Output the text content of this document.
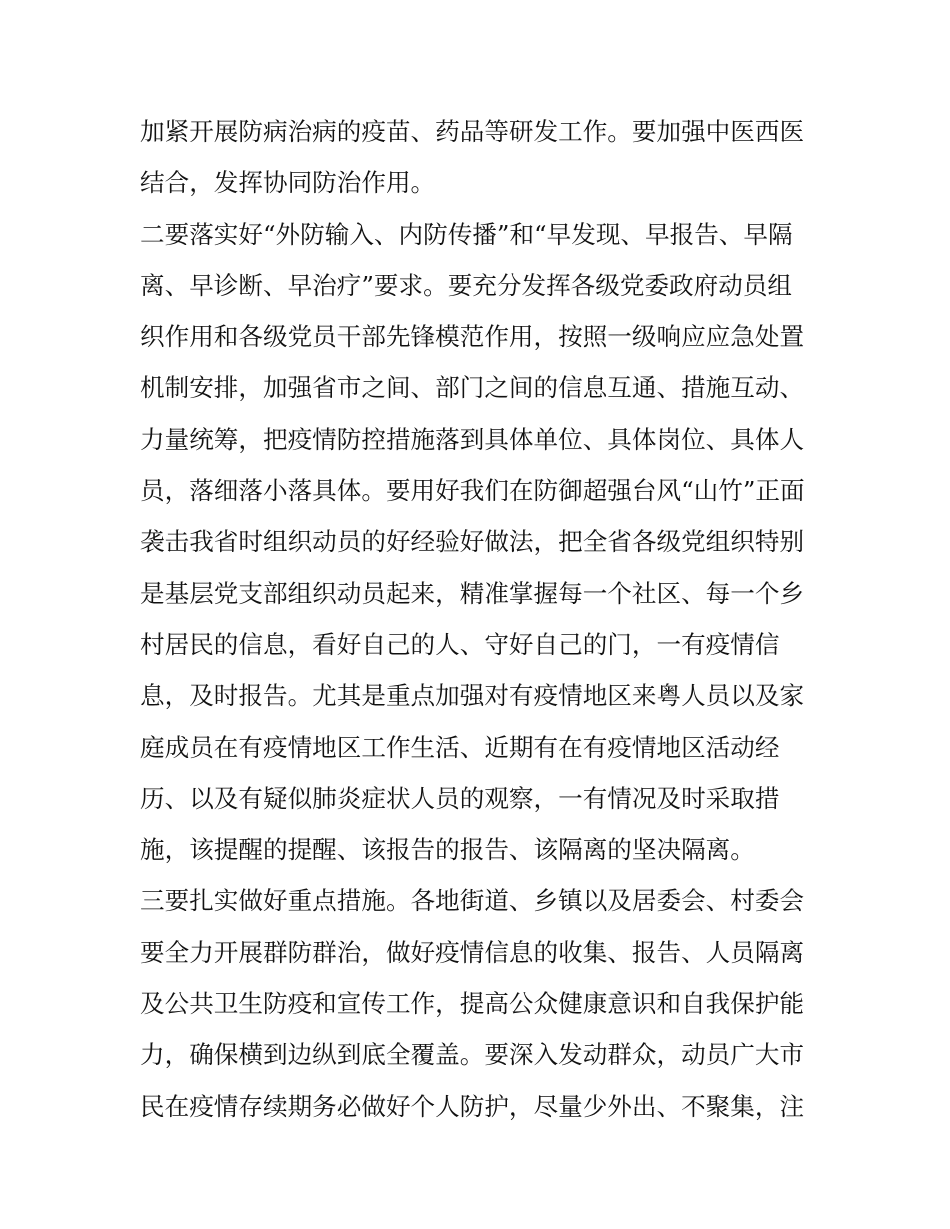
加紧开展防病治病的疫苗、药品等研发工作。要加强中医西医
结合，发挥协同防治作用。
二要落实好“外防输入、内防传播”和“早发现、早报告、早隔
离、早诊断、早治疗”要求。要充分发挥各级党委政府动员组
织作用和各级党员干部先锋模范作用，按照一级响应应急处置
机制安排，加强省市之间、部门之间的信息互通、措施互动、
力量统筹，把疫情防控措施落到具体单位、具体岗位、具体人
员，落细落小落具体。要用好我们在防御超强台风“山竹”正面
袭击我省时组织动员的好经验好做法，把全省各级党组织特别
是基层党支部组织动员起来，精准掌握每一个社区、每一个乡
村居民的信息，看好自己的人、守好自己的门，一有疫情信
息，及时报告。尤其是重点加强对有疫情地区来粤人员以及家
庭成员在有疫情地区工作生活、近期有在有疫情地区活动经
历、以及有疑似肺炎症状人员的观察，一有情况及时采取措
施，该提醒的提醒、该报告的报告、该隔离的坚决隔离。
三要扎实做好重点措施。各地街道、乡镇以及居委会、村委会
要全力开展群防群治，做好疫情信息的收集、报告、人员隔离
及公共卫生防疫和宣传工作，提高公众健康意识和自我保护能
力，确保横到边纵到底全覆盖。要深入发动群众，动员广大市
民在疫情存续期务必做好个人防护，尽量少外出、不聚集，注
